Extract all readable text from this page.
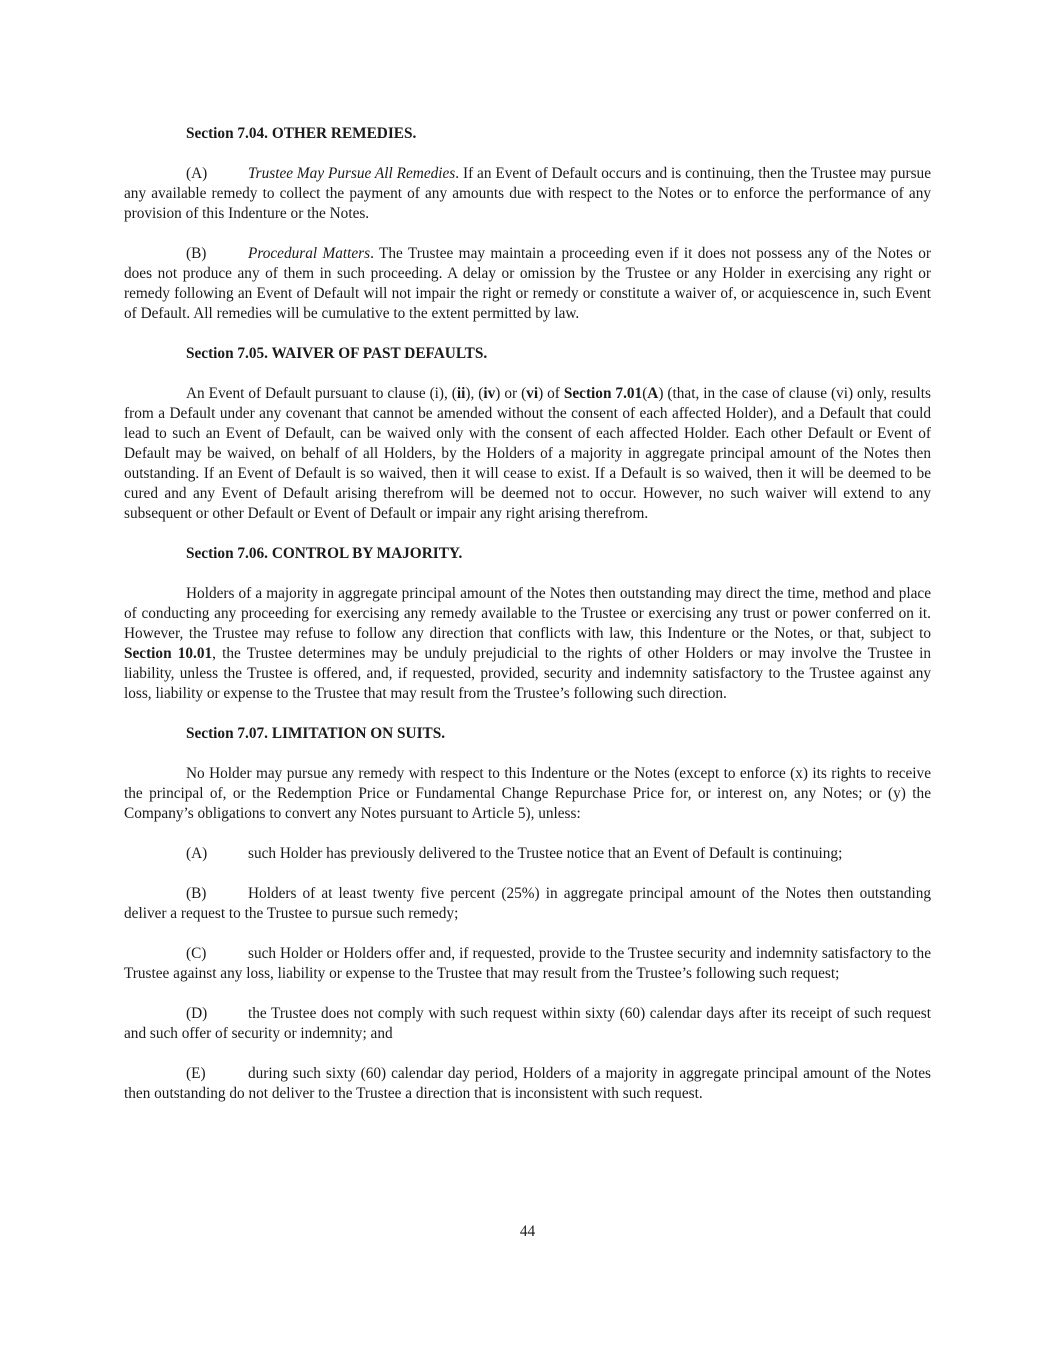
Section 7.04. OTHER REMEDIES.

(A)	Trustee May Pursue All Remedies. If an Event of Default occurs and is continuing, then the Trustee may pursue any available remedy to collect the payment of any amounts due with respect to the Notes or to enforce the performance of any provision of this Indenture or the Notes.

(B)	Procedural Matters. The Trustee may maintain a proceeding even if it does not possess any of the Notes or does not produce any of them in such proceeding. A delay or omission by the Trustee or any Holder in exercising any right or remedy following an Event of Default will not impair the right or remedy or constitute a waiver of, or acquiescence in, such Event of Default. All remedies will be cumulative to the extent permitted by law.

Section 7.05. WAIVER OF PAST DEFAULTS.

An Event of Default pursuant to clause (i), (ii), (iv) or (vi) of Section 7.01(A) (that, in the case of clause (vi) only, results from a Default under any covenant that cannot be amended without the consent of each affected Holder), and a Default that could lead to such an Event of Default, can be waived only with the consent of each affected Holder. Each other Default or Event of Default may be waived, on behalf of all Holders, by the Holders of a majority in aggregate principal amount of the Notes then outstanding. If an Event of Default is so waived, then it will cease to exist. If a Default is so waived, then it will be deemed to be cured and any Event of Default arising therefrom will be deemed not to occur. However, no such waiver will extend to any subsequent or other Default or Event of Default or impair any right arising therefrom.

Section 7.06. CONTROL BY MAJORITY.

Holders of a majority in aggregate principal amount of the Notes then outstanding may direct the time, method and place of conducting any proceeding for exercising any remedy available to the Trustee or exercising any trust or power conferred on it. However, the Trustee may refuse to follow any direction that conflicts with law, this Indenture or the Notes, or that, subject to Section 10.01, the Trustee determines may be unduly prejudicial to the rights of other Holders or may involve the Trustee in liability, unless the Trustee is offered, and, if requested, provided, security and indemnity satisfactory to the Trustee against any loss, liability or expense to the Trustee that may result from the Trustee’s following such direction.

Section 7.07. LIMITATION ON SUITS.

No Holder may pursue any remedy with respect to this Indenture or the Notes (except to enforce (x) its rights to receive the principal of, or the Redemption Price or Fundamental Change Repurchase Price for, or interest on, any Notes; or (y) the Company’s obligations to convert any Notes pursuant to Article 5), unless:

(A)	such Holder has previously delivered to the Trustee notice that an Event of Default is continuing;

(B)	Holders of at least twenty five percent (25%) in aggregate principal amount of the Notes then outstanding deliver a request to the Trustee to pursue such remedy;

(C)	such Holder or Holders offer and, if requested, provide to the Trustee security and indemnity satisfactory to the Trustee against any loss, liability or expense to the Trustee that may result from the Trustee’s following such request;

(D)	the Trustee does not comply with such request within sixty (60) calendar days after its receipt of such request and such offer of security or indemnity; and

(E)	during such sixty (60) calendar day period, Holders of a majority in aggregate principal amount of the Notes then outstanding do not deliver to the Trustee a direction that is inconsistent with such request.

44
